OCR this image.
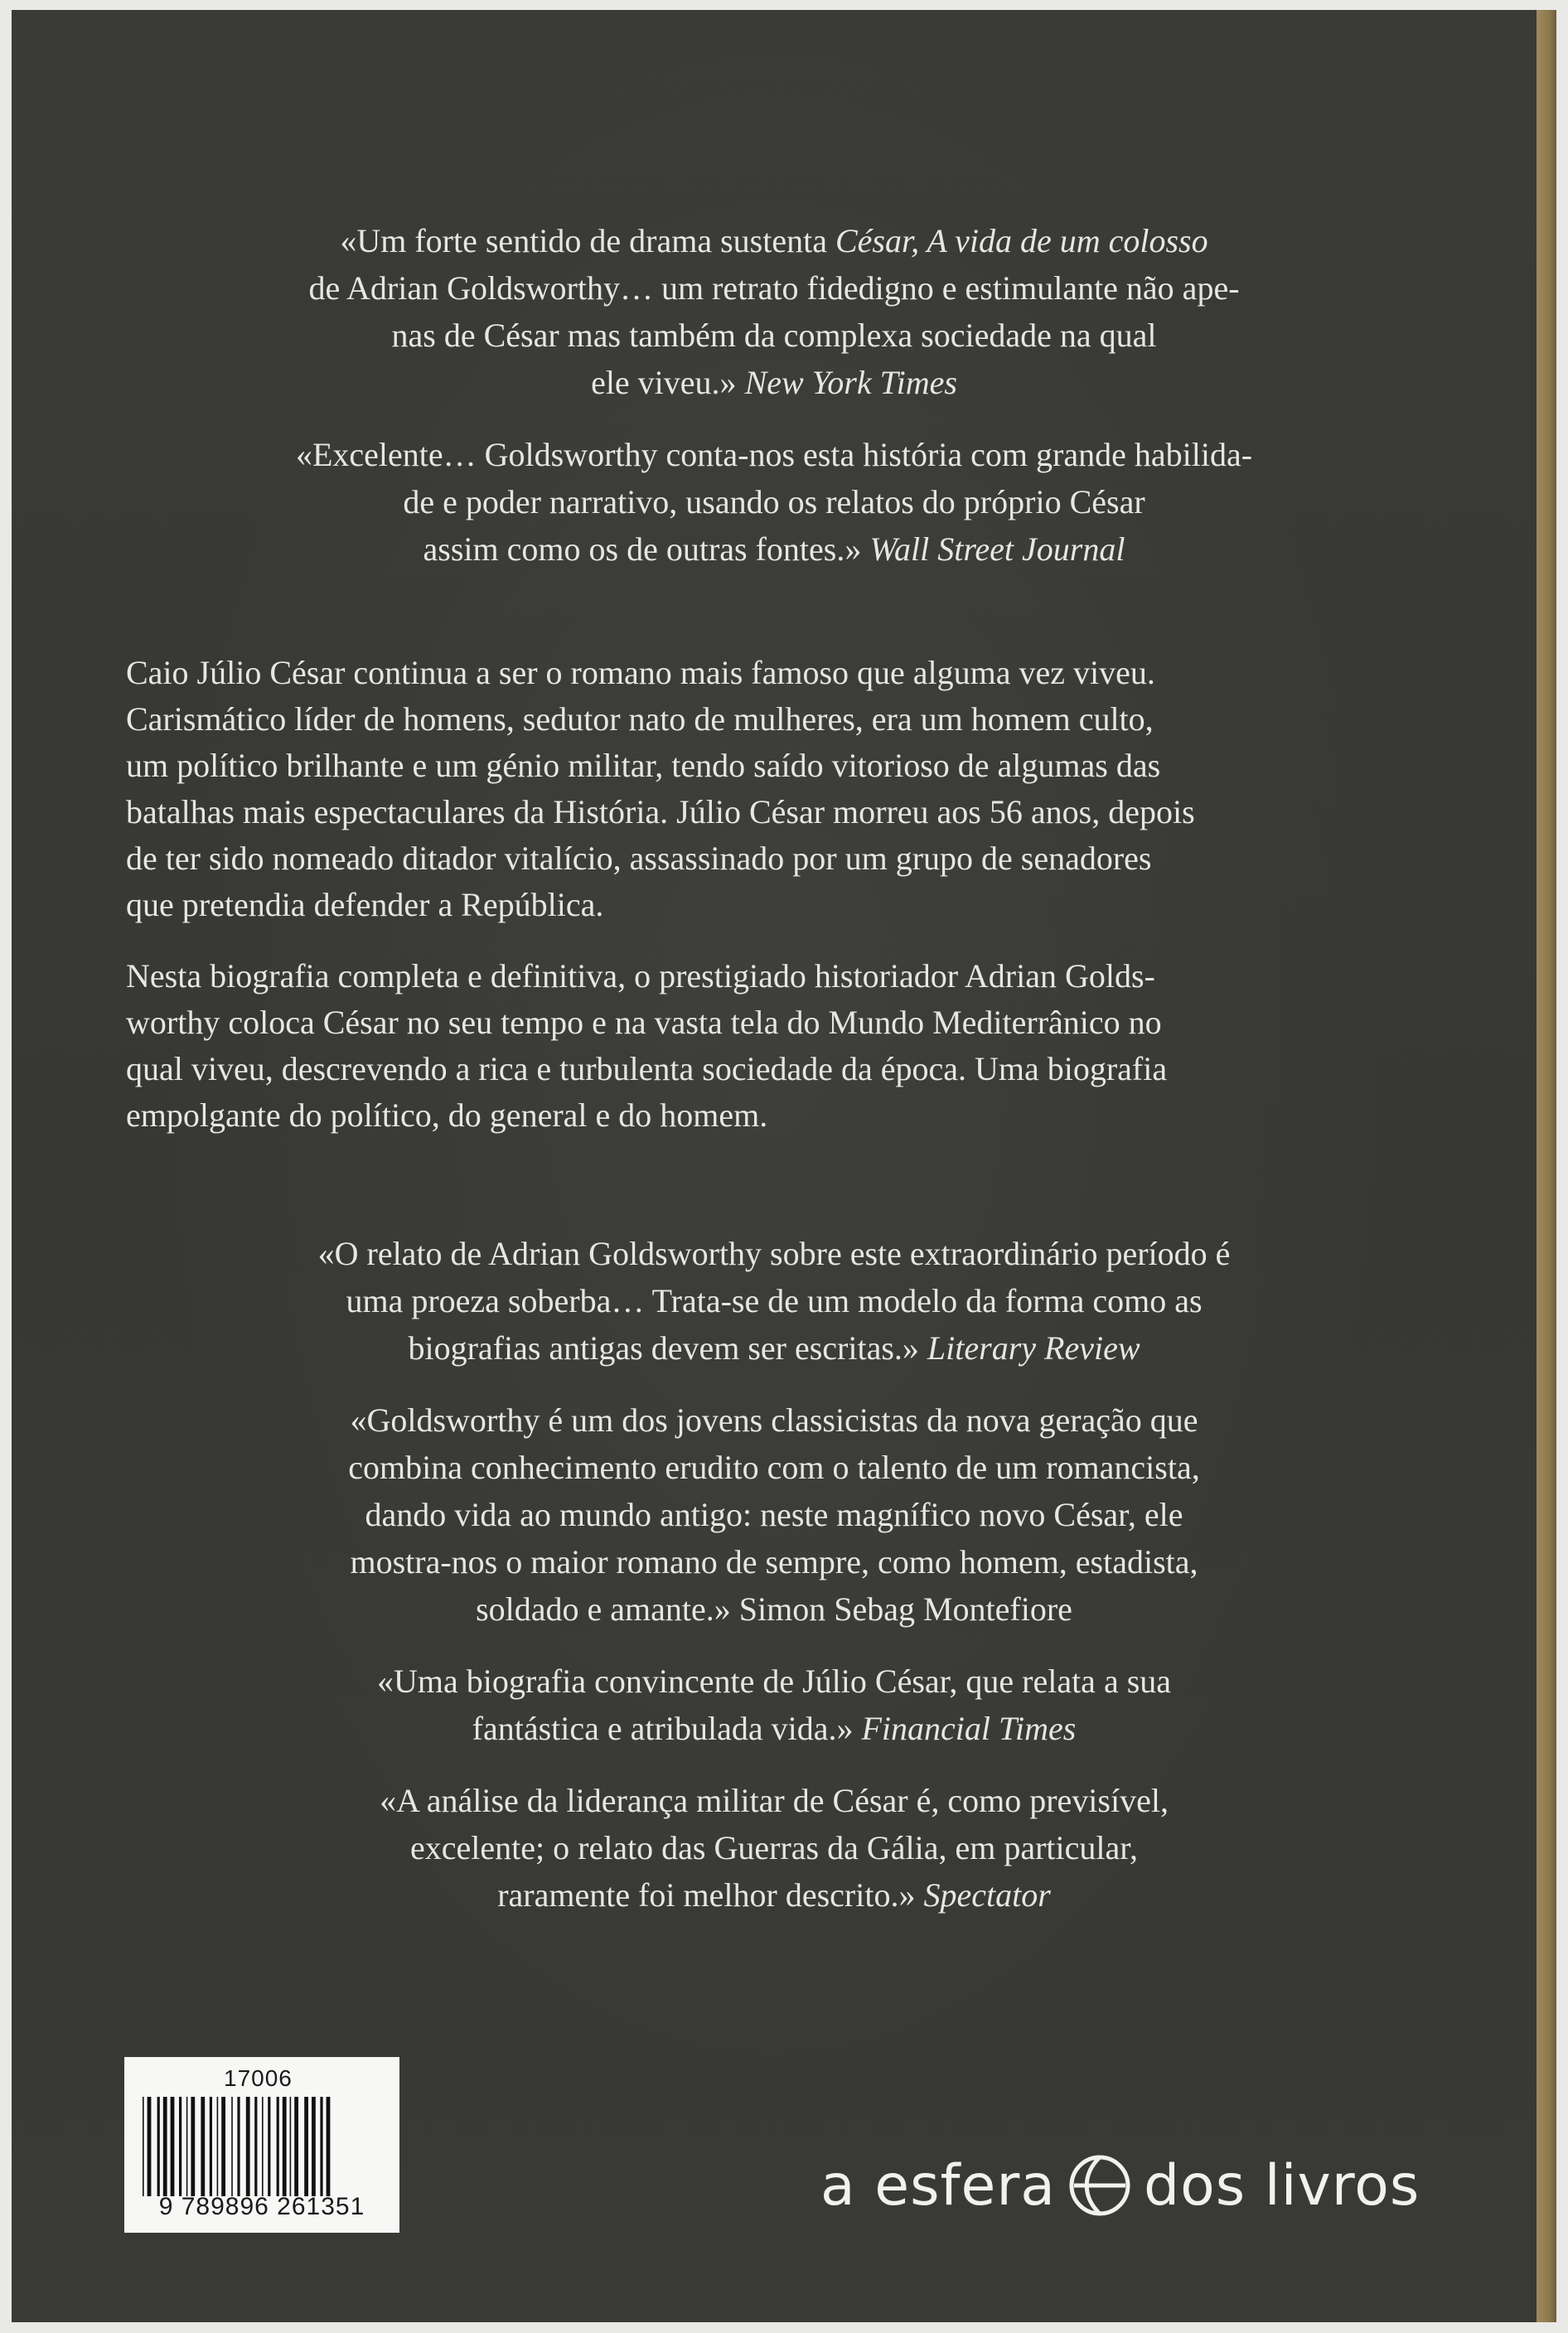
«Um forte sentido de drama sustenta César, A vida de um colosso
de Adrian Goldsworthy… um retrato fidedigno e estimulante não ape-
nas de César mas também da complexa sociedade na qual
ele viveu.» New York Times
«Excelente… Goldsworthy conta-nos esta história com grande habilida-
de e poder narrativo, usando os relatos do próprio César
assim como os de outras fontes.» Wall Street Journal
Caio Júlio César continua a ser o romano mais famoso que alguma vez viveu.
Carismático líder de homens, sedutor nato de mulheres, era um homem culto,
um político brilhante e um génio militar, tendo saído vitorioso de algumas das
batalhas mais espectaculares da História. Júlio César morreu aos 56 anos, depois
de ter sido nomeado ditador vitalício, assassinado por um grupo de senadores
que pretendia defender a República.
Nesta biografia completa e definitiva, o prestigiado historiador Adrian Golds-
worthy coloca César no seu tempo e na vasta tela do Mundo Mediterrânico no
qual viveu, descrevendo a rica e turbulenta sociedade da época. Uma biografia
empolgante do político, do general e do homem.
«O relato de Adrian Goldsworthy sobre este extraordinário período é
uma proeza soberba… Trata-se de um modelo da forma como as
biografias antigas devem ser escritas.» Literary Review
«Goldsworthy é um dos jovens classicistas da nova geração que
combina conhecimento erudito com o talento de um romancista,
dando vida ao mundo antigo: neste magnífico novo César, ele
mostra-nos o maior romano de sempre, como homem, estadista,
soldado e amante.» Simon Sebag Montefiore
«Uma biografia convincente de Júlio César, que relata a sua
fantástica e atribulada vida.» Financial Times
«A análise da liderança militar de César é, como previsível,
excelente; o relato das Guerras da Gália, em particular,
raramente foi melhor descrito.» Spectator
17006
9 789896 261351	a esfera dos livros
